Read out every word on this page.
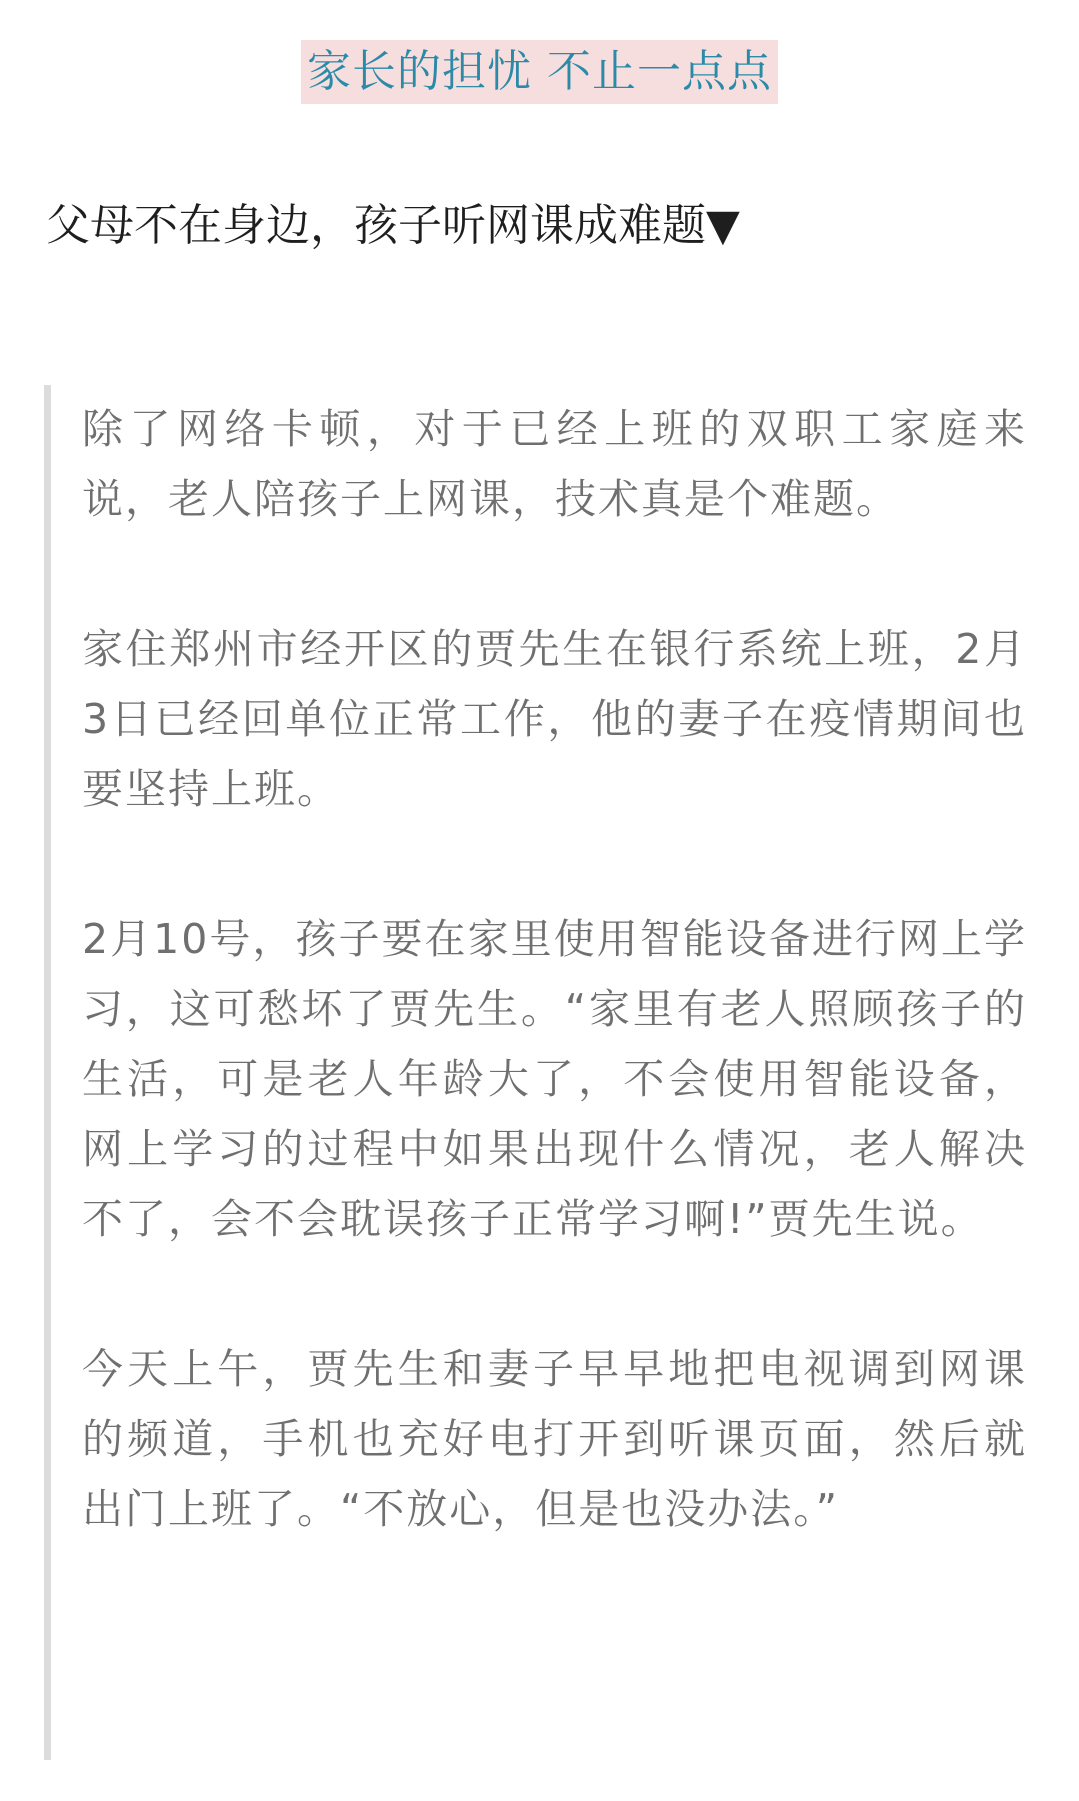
家长的担忧 不止一点点
父母不在身边，孩子听网课成难题▼

除了网络卡顿，对于已经上班的双职工家庭来说，老人陪孩子上网课，技术真是个难题。

家住郑州市经开区的贾先生在银行系统上班，2月3日已经回单位正常工作，他的妻子在疫情期间也要坚持上班。

2月10号，孩子要在家里使用智能设备进行网上学习，这可愁坏了贾先生。“家里有老人照顾孩子的生活，可是老人年龄大了，不会使用智能设备，网上学习的过程中如果出现什么情况，老人解决不了，会不会耽误孩子正常学习啊!”贾先生说。

今天上午，贾先生和妻子早早地把电视调到网课的频道，手机也充好电打开到听课页面，然后就出门上班了。“不放心，但是也没办法。”
